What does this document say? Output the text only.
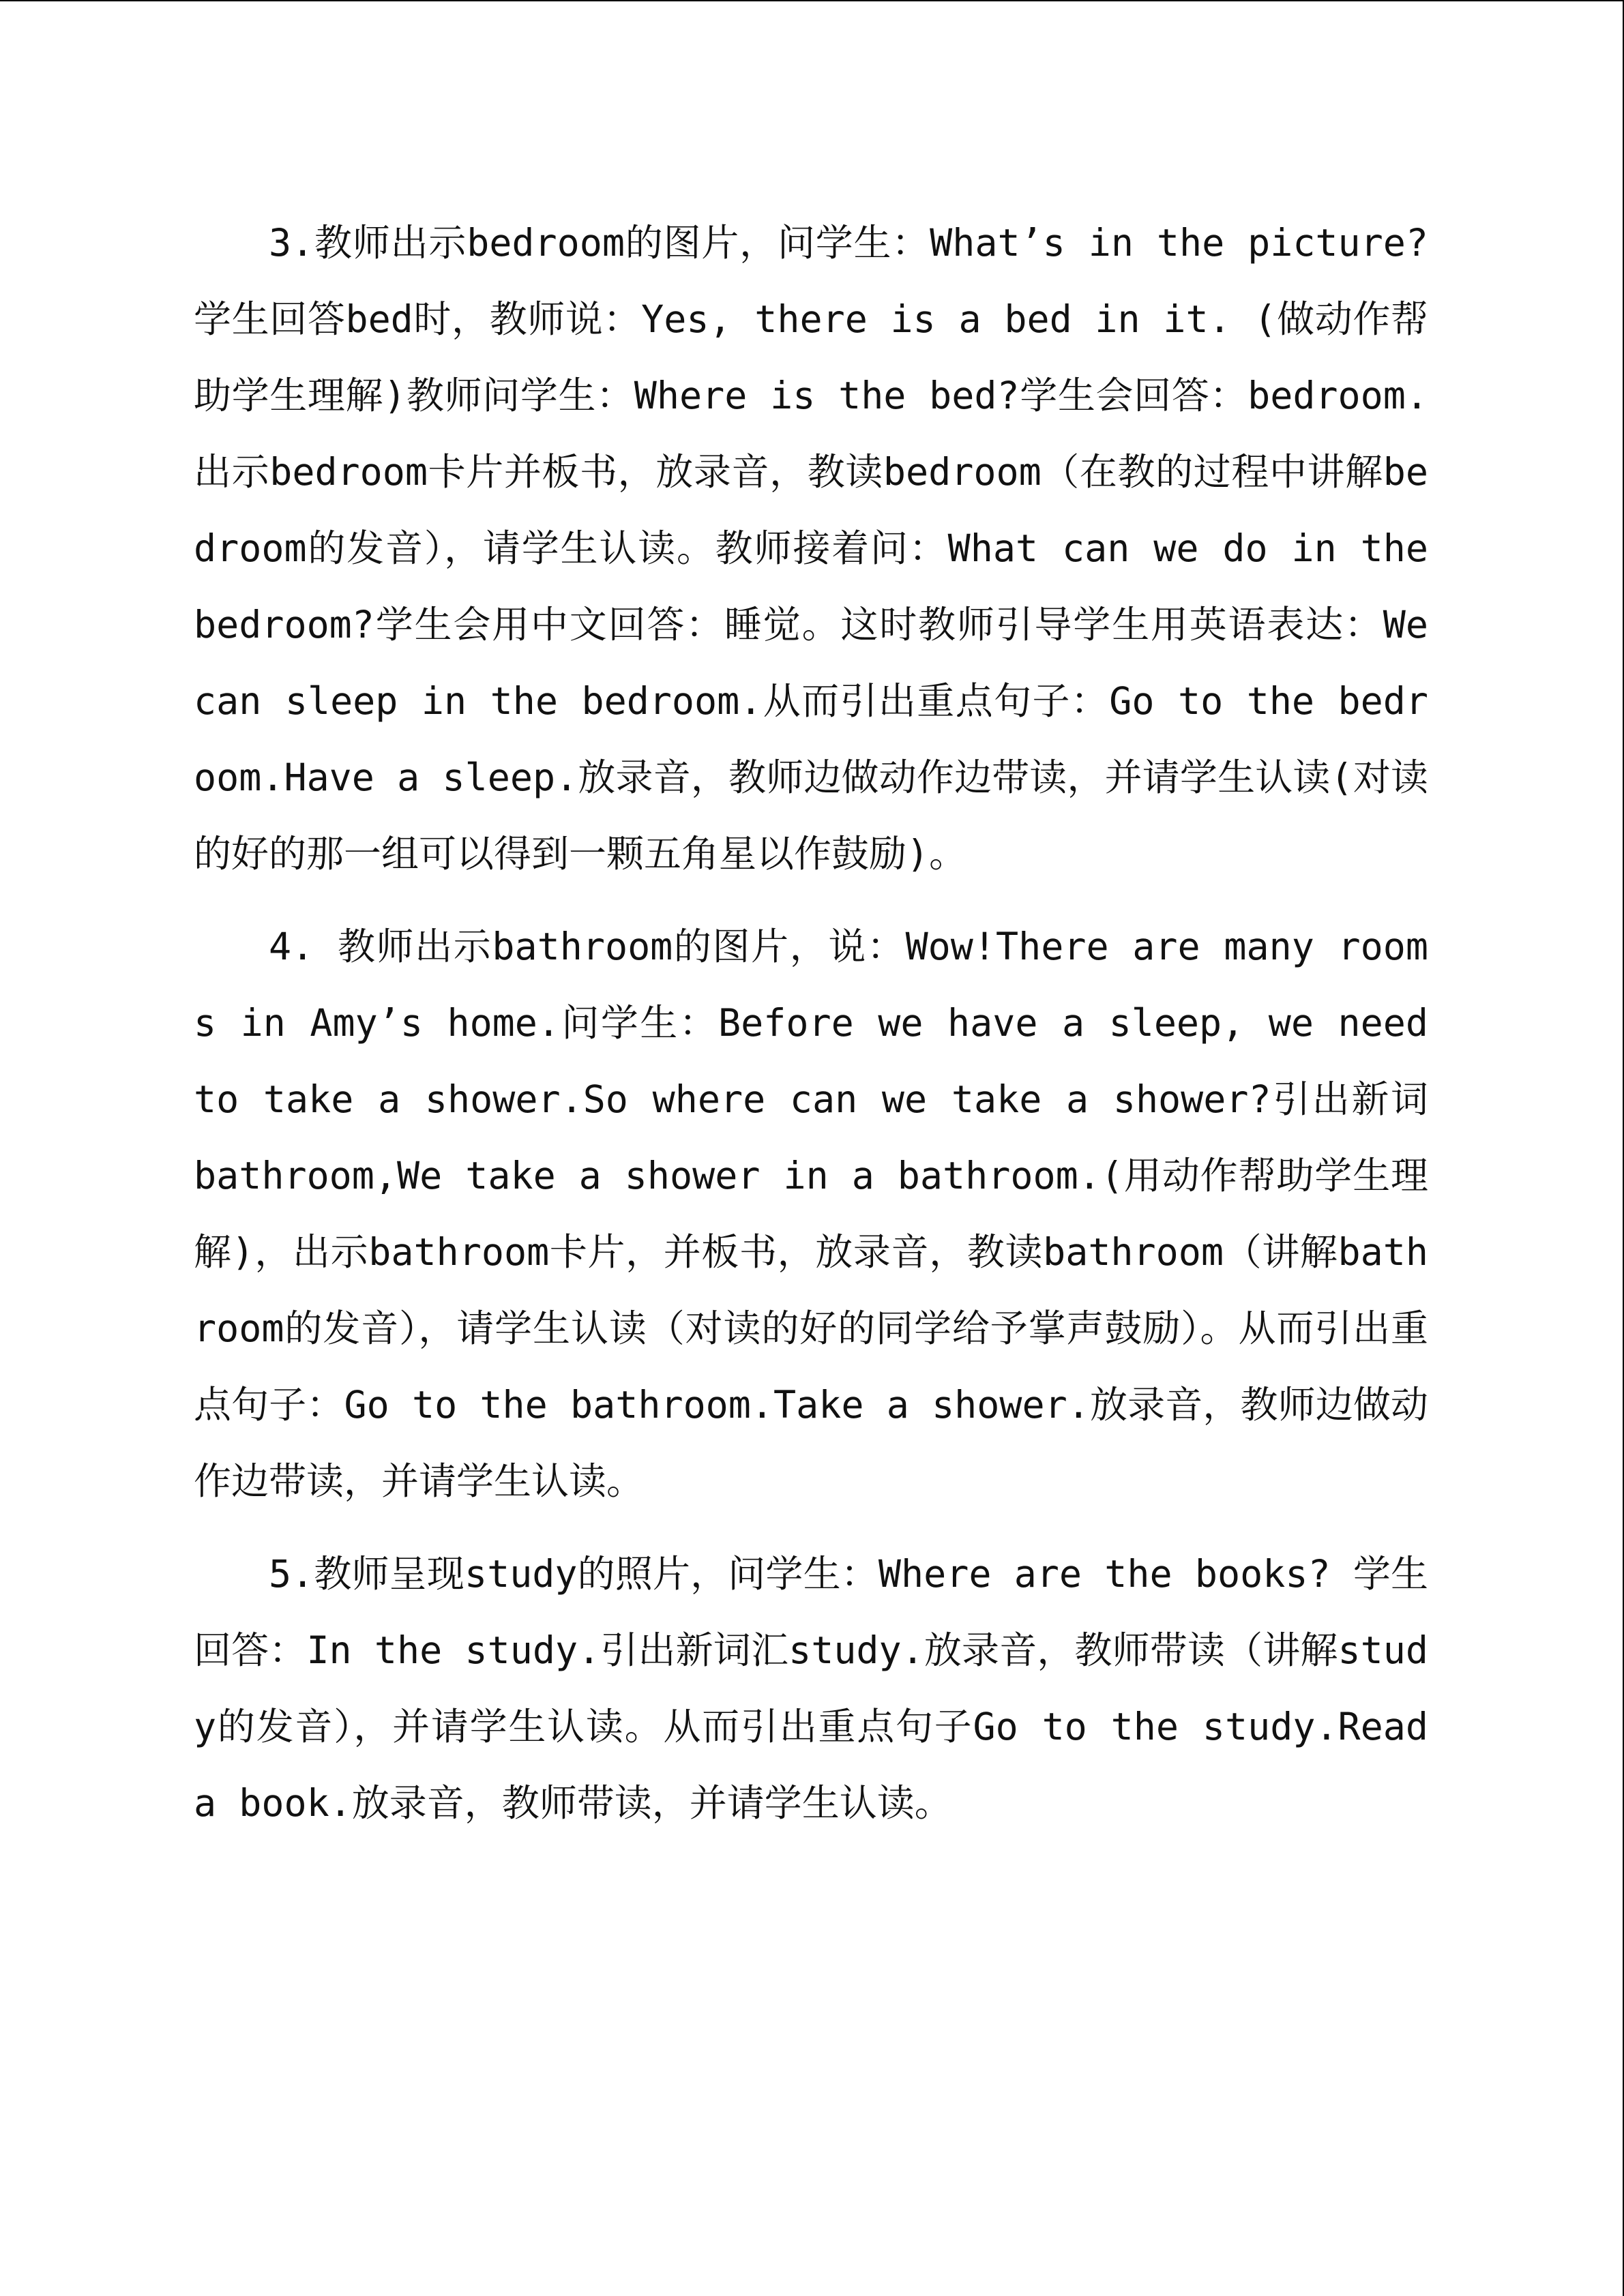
3.教师出示bedroom的图片，问学生：What’s in the picture? 学生回答bed时，教师说：Yes, there is a bed in it. (做动作帮助学生理解)教师问学生：Where is the bed?学生会回答：bedroom. 出示bedroom卡片并板书，放录音，教读bedroom（在教的过程中讲解bedroom的发音），请学生认读。教师接着问：What can we do in the bedroom?学生会用中文回答：睡觉。这时教师引导学生用英语表达：We can sleep in the bedroom.从而引出重点句子：Go to the bedroom.Have a sleep.放录音，教师边做动作边带读，并请学生认读(对读的好的那一组可以得到一颗五角星以作鼓励)。

4. 教师出示bathroom的图片，说：Wow!There are many rooms in Amy’s home.问学生：Before we have a sleep, we need to take a shower.So where can we take a shower?引出新词 bathroom,We take a shower in a bathroom.(用动作帮助学生理解)，出示bathroom卡片，并板书，放录音，教读bathroom（讲解bathroom的发音），请学生认读（对读的好的同学给予掌声鼓励）。从而引出重点句子：Go to the bathroom.Take a shower.放录音，教师边做动作边带读，并请学生认读。

5.教师呈现study的照片，问学生：Where are the books? 学生回答：In the study.引出新词汇study.放录音，教师带读（讲解study的发音），并请学生认读。从而引出重点句子Go to the study.Read a book.放录音，教师带读，并请学生认读。
